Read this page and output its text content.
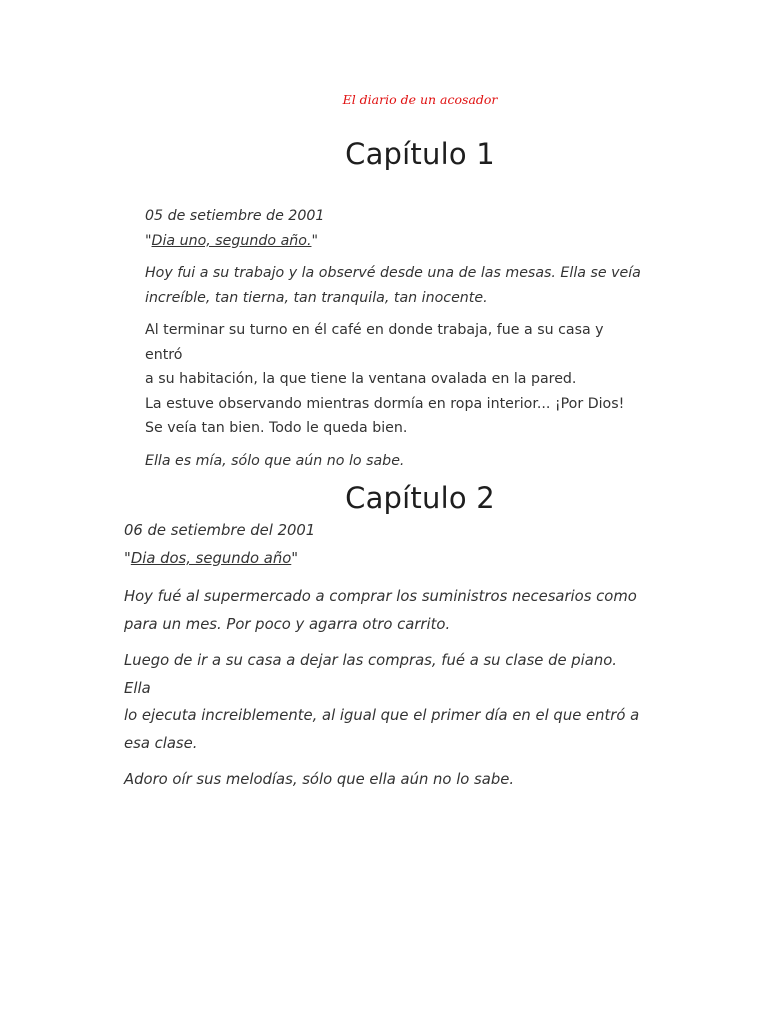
El diario de un acosador
Capítulo 1

05 de setiembre de 2001

"Dia uno, segundo año."

Hoy fui a su trabajo y la observé desde una de las mesas. Ella se veía

increíble, tan tierna, tan tranquila, tan inocente.

Al terminar su turno en él café en donde trabaja, fue a su casa y entró

a su habitación, la que tiene la ventana ovalada en la pared.

La estuve observando mientras dormía en ropa interior... ¡Por Dios!

Se veía tan bien. Todo le queda bien.

Ella es mía, sólo que aún no lo sabe.

Capítulo 2

06 de setiembre del 2001

"Dia dos, segundo año"

Hoy fué al supermercado a comprar los suministros necesarios como

para un mes. Por poco y agarra otro carrito.

Luego de ir a su casa a dejar las compras, fué a su clase de piano. Ella

lo ejecuta increiblemente, al igual que el primer día en el que entró a

esa clase.

Adoro oír sus melodías, sólo que ella aún no lo sabe.
